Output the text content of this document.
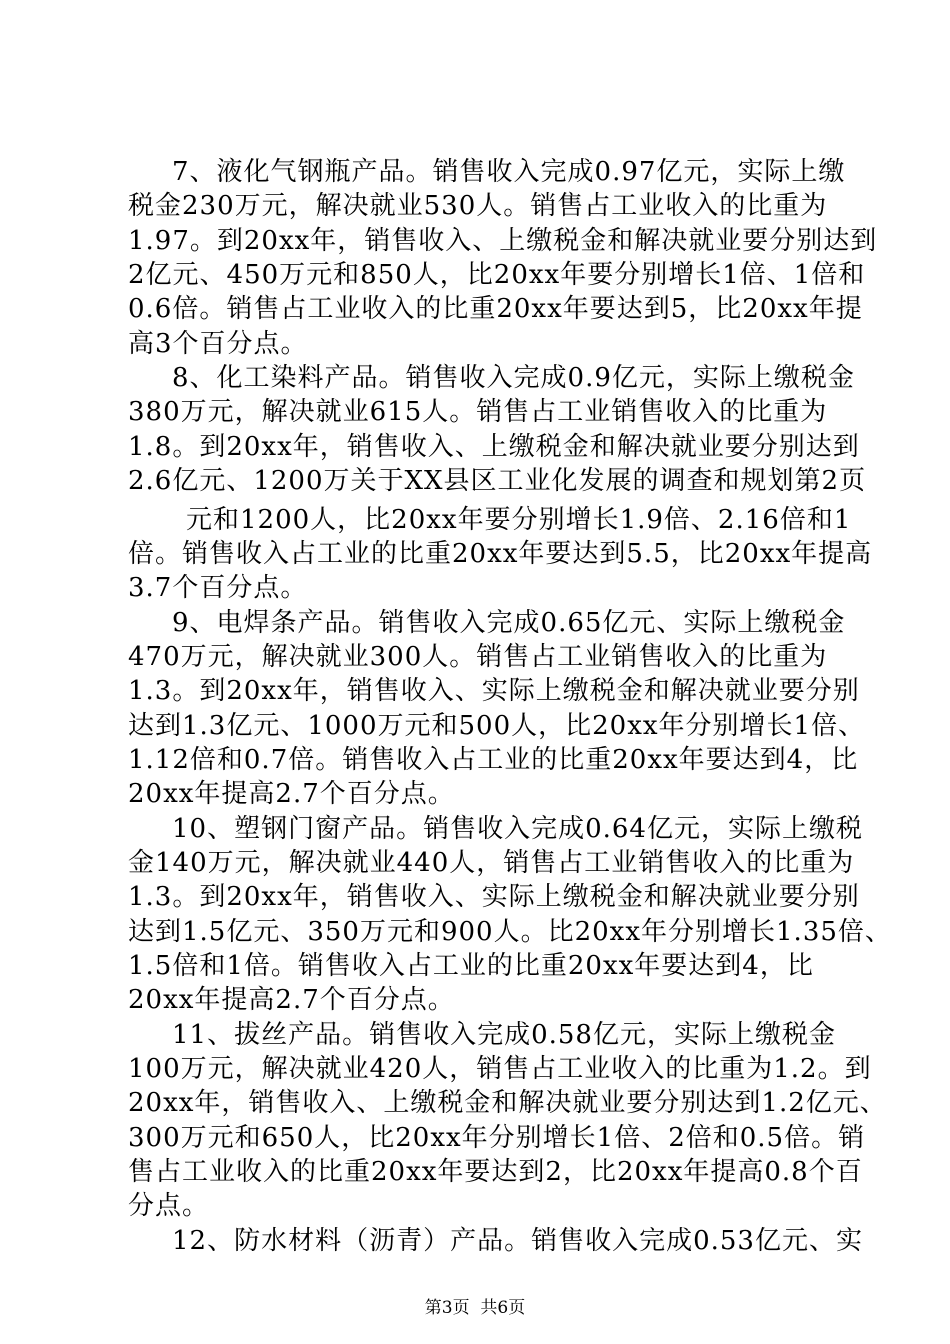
7、液化气钢瓶产品。销售收入完成0.97亿元，实际上缴
税金230万元，解决就业530人。销售占工业收入的比重为
1.97。到20xx年，销售收入、上缴税金和解决就业要分别达到
2亿元、450万元和850人，比20xx年要分别增长1倍、1倍和
0.6倍。销售占工业收入的比重20xx年要达到5，比20xx年提
高3个百分点。
8、化工染料产品。销售收入完成0.9亿元，实际上缴税金
380万元，解决就业615人。销售占工业销售收入的比重为
1.8。到20xx年，销售收入、上缴税金和解决就业要分别达到
2.6亿元、1200万关于XX县区工业化发展的调查和规划第2页
元和1200人，比20xx年要分别增长1.9倍、2.16倍和1
倍。销售收入占工业的比重20xx年要达到5.5，比20xx年提高
3.7个百分点。
9、电焊条产品。销售收入完成0.65亿元、实际上缴税金
470万元，解决就业300人。销售占工业销售收入的比重为
1.3。到20xx年，销售收入、实际上缴税金和解决就业要分别
达到1.3亿元、1000万元和500人，比20xx年分别增长1倍、
1.12倍和0.7倍。销售收入占工业的比重20xx年要达到4，比
20xx年提高2.7个百分点。
10、塑钢门窗产品。销售收入完成0.64亿元，实际上缴税
金140万元，解决就业440人，销售占工业销售收入的比重为
1.3。到20xx年，销售收入、实际上缴税金和解决就业要分别
达到1.5亿元、350万元和900人。比20xx年分别增长1.35倍、
1.5倍和1倍。销售收入占工业的比重20xx年要达到4，比
20xx年提高2.7个百分点。
11、拔丝产品。销售收入完成0.58亿元，实际上缴税金
100万元，解决就业420人，销售占工业收入的比重为1.2。到
20xx年，销售收入、上缴税金和解决就业要分别达到1.2亿元、
300万元和650人，比20xx年分别增长1倍、2倍和0.5倍。销
售占工业收入的比重20xx年要达到2，比20xx年提高0.8个百
分点。
12、防水材料（沥青）产品。销售收入完成0.53亿元、实
第3页  共6页
